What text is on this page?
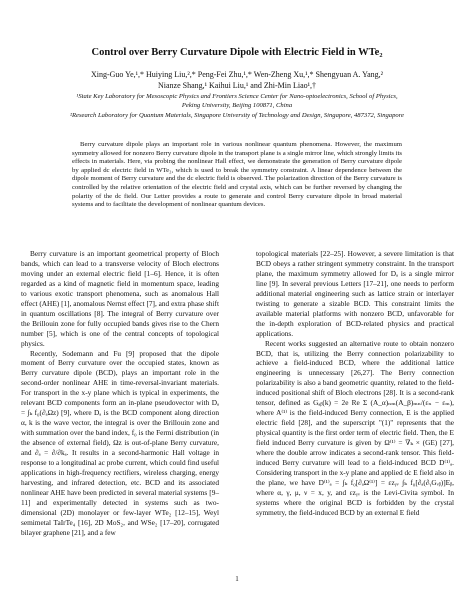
Control over Berry Curvature Dipole with Electric Field in WTe₂
Xing-Guo Ye,¹,* Huiying Liu,²,* Peng-Fei Zhu,¹,* Wen-Zheng Xu,¹,* Shengyuan A. Yang,²
Nianze Shang,¹ Kaihui Liu,¹ and Zhi-Min Liao¹,†
¹State Key Laboratory for Mesoscopic Physics and Frontiers Science Center for Nano-optoelectronics, School of Physics,
Peking University, Beijing 100871, China
²Research Laboratory for Quantum Materials, Singapore University of Technology and Design, Singapore, 487372, Singapore
Berry curvature dipole plays an important role in various nonlinear quantum phenomena. However, the maximum symmetry allowed for nonzero Berry curvature dipole in the transport plane is a single mirror line, which strongly limits its effects in materials. Here, via probing the nonlinear Hall effect, we demonstrate the generation of Berry curvature dipole by applied dc electric field in WTe₂, which is used to break the symmetry constraint. A linear dependence between the dipole moment of Berry curvature and the dc electric field is observed. The polarization direction of the Berry curvature is controlled by the relative orientation of the electric field and crystal axis, which can be further reversed by changing the polarity of the dc field. Our Letter provides a route to generate and control Berry curvature dipole in broad material systems and to facilitate the development of nonlinear quantum devices.

Berry curvature is an important geometrical property of Bloch bands, which can lead to a transverse velocity of Bloch electrons moving under an external electric field [1–6]. Hence, it is often regarded as a kind of magnetic field in momentum space, leading to various exotic transport phenomena, such as anomalous Hall effect (AHE) [1], anomalous Nernst effect [7], and extra phase shift in quantum oscillations [8]. The integral of Berry curvature over the Brillouin zone for fully occupied bands gives rise to the Chern number [5], which is one of the central concepts of topological physics.

Recently, Sodemann and Fu [9] proposed that the dipole moment of Berry curvature over the occupied states, known as Berry curvature dipole (BCD), plays an important role in the second-order nonlinear AHE in time-reversal-invariant materials. For transport in the x-y plane which is typical in experiments, the relevant BCD components form an in-plane pseudovector with Dₐ = ∫ₖ f₀(∂ₐΩz) [9], where Dₐ is the BCD component along direction α, k is the wave vector, the integral is over the Brillouin zone and with summation over the band index, f₀ is the Fermi distribution (in the absence of external field), Ωz is out-of-plane Berry curvature, and ∂ₐ = ∂/∂kₐ. It results in a second-harmonic Hall voltage in response to a longitudinal ac probe current, which could find useful applications in high-frequency rectifiers, wireless charging, energy harvesting, and infrared detection, etc. BCD and its associated nonlinear AHE have been predicted in several material systems [9–11] and experimentally detected in systems such as two-dimensional (2D) monolayer or few-layer WTe₂ [12–15], Weyl semimetal TaIrTe₄ [16], 2D MoS₂, and WSe₂ [17–20], corrugated bilayer graphene [21], and a few

topological materials [22–25]. However, a severe limitation is that BCD obeys a rather stringent symmetry constraint. In the transport plane, the maximum symmetry allowed for Dₐ is a single mirror line [9]. In several previous Letters [17–21], one needs to perform additional material engineering such as lattice strain or interlayer twisting to generate a sizable BCD. This constraint limits the available material platforms with nonzero BCD, unfavorable for the in-depth exploration of BCD-related physics and practical applications.

Recent works suggested an alternative route to obtain nonzero BCD, that is, utilizing the Berry connection polarizability to achieve a field-induced BCD, where the additional lattice engineering is unnecessary [26,27]. The Berry connection polarizability is also a band geometric quantity, related to the field-induced positional shift of Bloch electrons [28]. It is a second-rank tensor, defined as Gₐᵦ(k) = 2e Re Σ (A_α)ₙₘ(A_β)ₘₙ/(εₙ − εₘ), where A⁽¹⁾ is the field-induced Berry connection, E is the applied electric field [28], and the superscript "(1)" represents that the physical quantity is the first order term of electric field. Then, the E field induced Berry curvature is given by Ω⁽¹⁾ = ∇ₖ × (GE) [27], where the double arrow indicates a second-rank tensor. This field-induced Berry curvature will lead to a field-induced BCD D⁽¹⁾ₐ. Considering transport in the x-y plane and applied dc E field also in the plane, we have D⁽¹⁾ₐ = ∫ₖ f₀[∂ₐΩ⁽¹⁾] = εzᵧᵥ ∫ₖ f₀[∂ₐ(∂ᵧGᵥᵦ)]Eᵦ, where α, γ, μ, ν = x, y, and εzᵧᵥ is the Levi-Civita symbol. In systems where the original BCD is forbidden by the crystal symmetry, the field-induced BCD by an external E field

1
